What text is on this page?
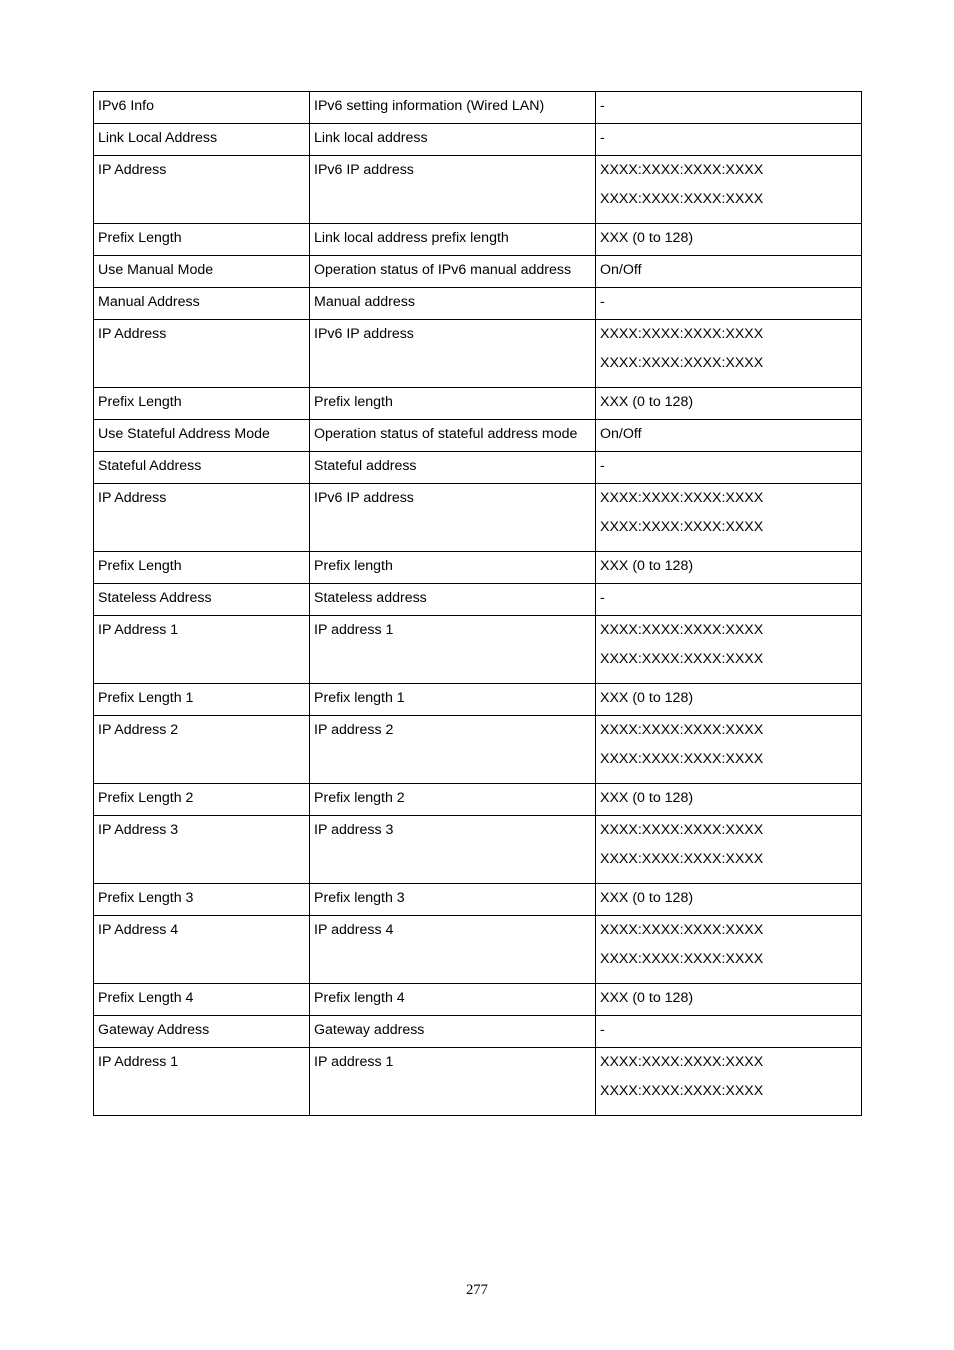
IPv6 Info	IPv6 setting information (Wired LAN)	-

Link Local Address	Link local address	-

IP Address	IPv6 IP address	XXXX:XXXX:XXXX:XXXX
XXXX:XXXX:XXXX:XXXX

Prefix Length	Link local address prefix length	XXX (0 to 128)

Use Manual Mode	Operation status of IPv6 manual address	On/Off

Manual Address	Manual address	-

IP Address	IPv6 IP address	XXXX:XXXX:XXXX:XXXX
XXXX:XXXX:XXXX:XXXX

Prefix Length	Prefix length	XXX (0 to 128)

Use Stateful Address Mode	Operation status of stateful address mode	On/Off

Stateful Address	Stateful address	-

IP Address	IPv6 IP address	XXXX:XXXX:XXXX:XXXX
XXXX:XXXX:XXXX:XXXX

Prefix Length	Prefix length	XXX (0 to 128)

Stateless Address	Stateless address	-

IP Address 1	IP address 1	XXXX:XXXX:XXXX:XXXX
XXXX:XXXX:XXXX:XXXX

Prefix Length 1	Prefix length 1	XXX (0 to 128)

IP Address 2	IP address 2	XXXX:XXXX:XXXX:XXXX
XXXX:XXXX:XXXX:XXXX

Prefix Length 2	Prefix length 2	XXX (0 to 128)

IP Address 3	IP address 3	XXXX:XXXX:XXXX:XXXX
XXXX:XXXX:XXXX:XXXX

Prefix Length 3	Prefix length 3	XXX (0 to 128)

IP Address 4	IP address 4	XXXX:XXXX:XXXX:XXXX
XXXX:XXXX:XXXX:XXXX

Prefix Length 4	Prefix length 4	XXX (0 to 128)

Gateway Address	Gateway address	-

IP Address 1	IP address 1	XXXX:XXXX:XXXX:XXXX
XXXX:XXXX:XXXX:XXXX
277
